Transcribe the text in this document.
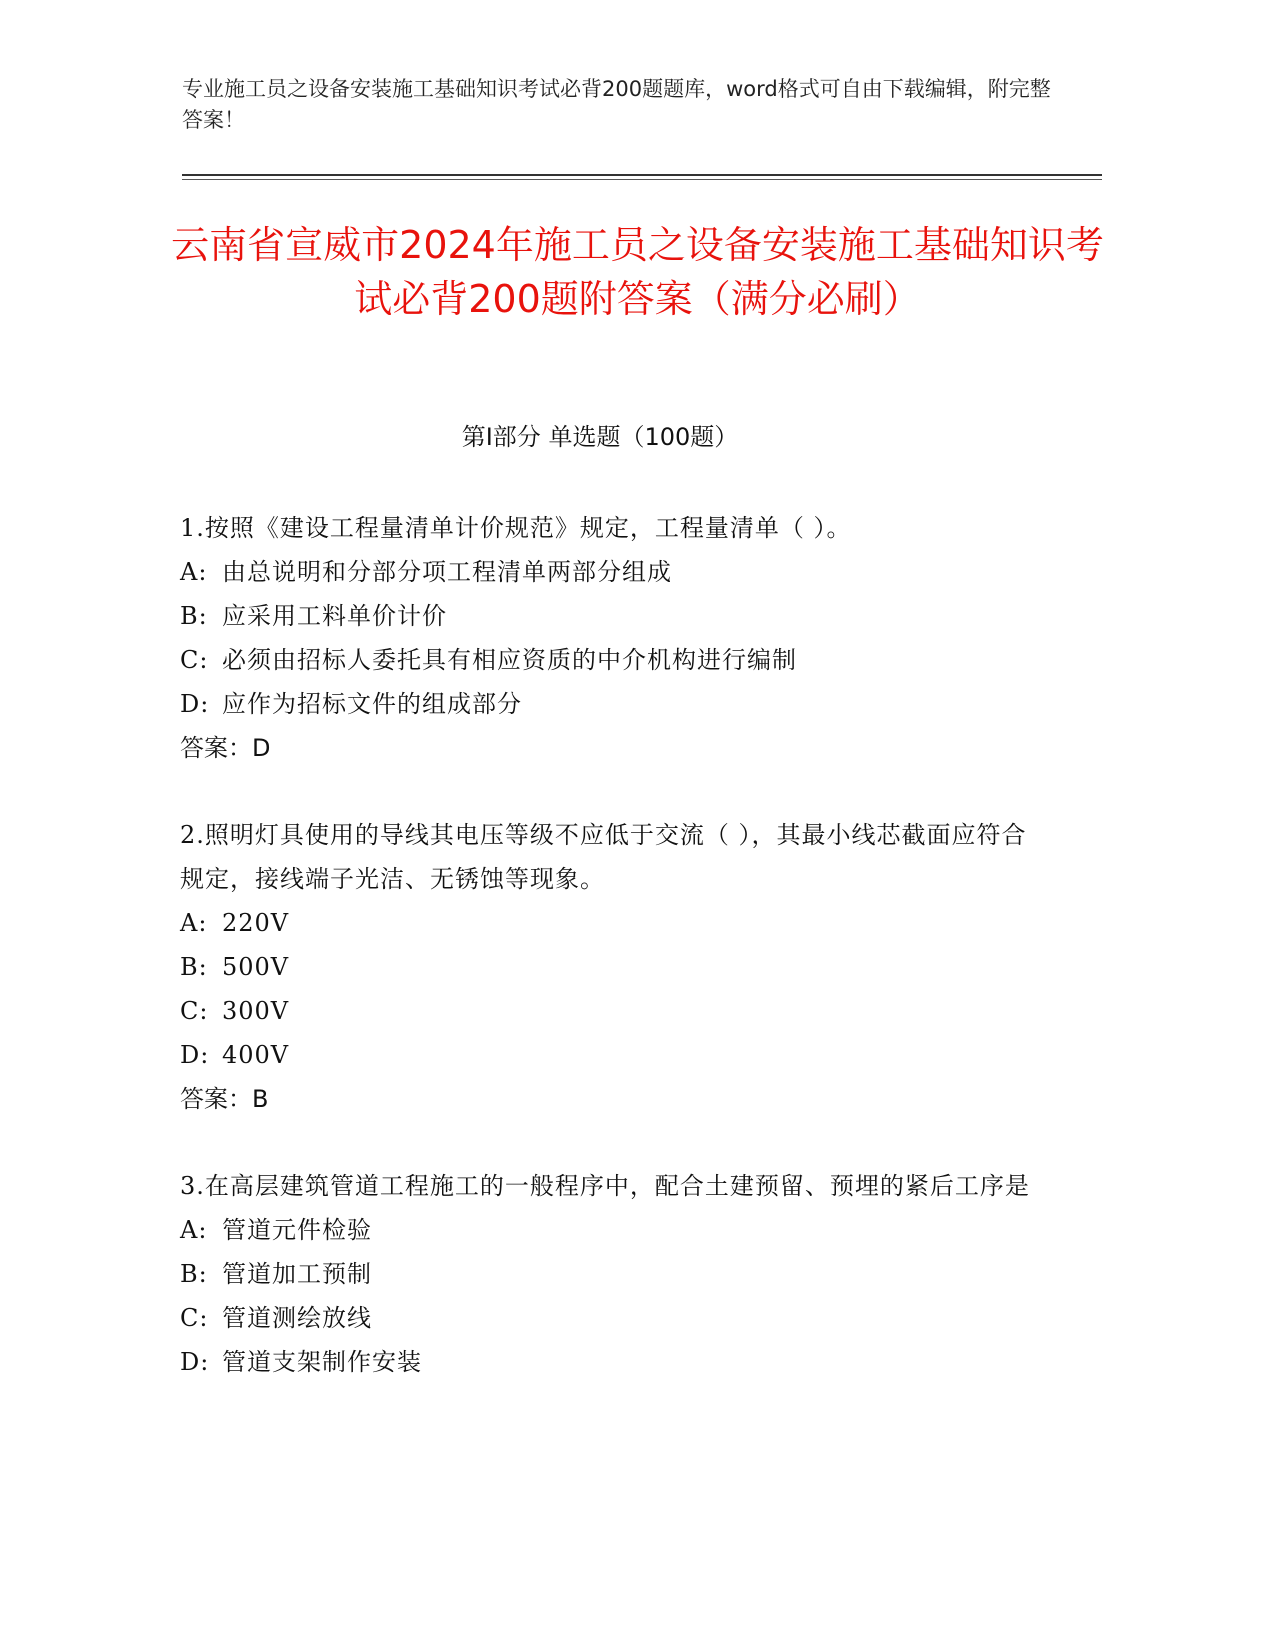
专业施工员之设备安装施工基础知识考试必背200题题库，word格式可自由下载编辑，附完整答案！
云南省宣威市2024年施工员之设备安装施工基础知识考试必背200题附答案（满分必刷）
第Ⅰ部分 单选题（100题）

1.按照《建设工程量清单计价规范》规定，工程量清单（ ）。

A: 由总说明和分部分项工程清单两部分组成

B: 应采用工料单价计价

C: 必须由招标人委托具有相应资质的中介机构进行编制

D: 应作为招标文件的组成部分

答案：D

2.照明灯具使用的导线其电压等级不应低于交流（ ），其最小线芯截面应符合规定，接线端子光洁、无锈蚀等现象。

A: 220V

B: 500V

C: 300V

D: 400V

答案：B

3.在高层建筑管道工程施工的一般程序中，配合土建预留、预埋的紧后工序是

A: 管道元件检验

B: 管道加工预制

C: 管道测绘放线

D: 管道支架制作安装
